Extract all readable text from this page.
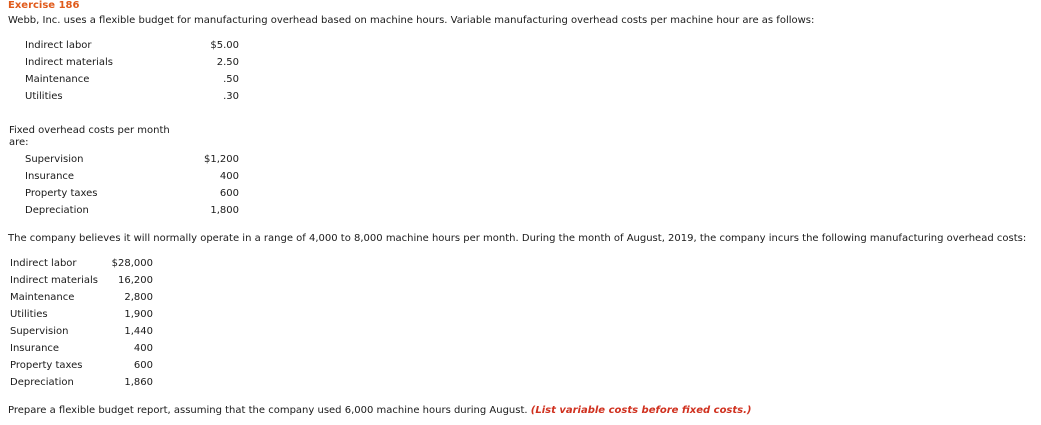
Exercise 186
Webb, Inc. uses a flexible budget for manufacturing overhead based on machine hours. Variable manufacturing overhead costs per machine hour are as follows:
Indirect labor	$5.00
Indirect materials	2.50
Maintenance	.50
Utilities	.30
Fixed overhead costs per month
are:
Supervision	$1,200
Insurance	400
Property taxes	600
Depreciation	1,800
The company believes it will normally operate in a range of 4,000 to 8,000 machine hours per month. During the month of August, 2019, the company incurs the following manufacturing overhead costs:
Indirect labor	$28,000
Indirect materials	16,200
Maintenance	2,800
Utilities	1,900
Supervision	1,440
Insurance	400
Property taxes	600
Depreciation	1,860
Prepare a flexible budget report, assuming that the company used 6,000 machine hours during August. (List variable costs before fixed costs.)
